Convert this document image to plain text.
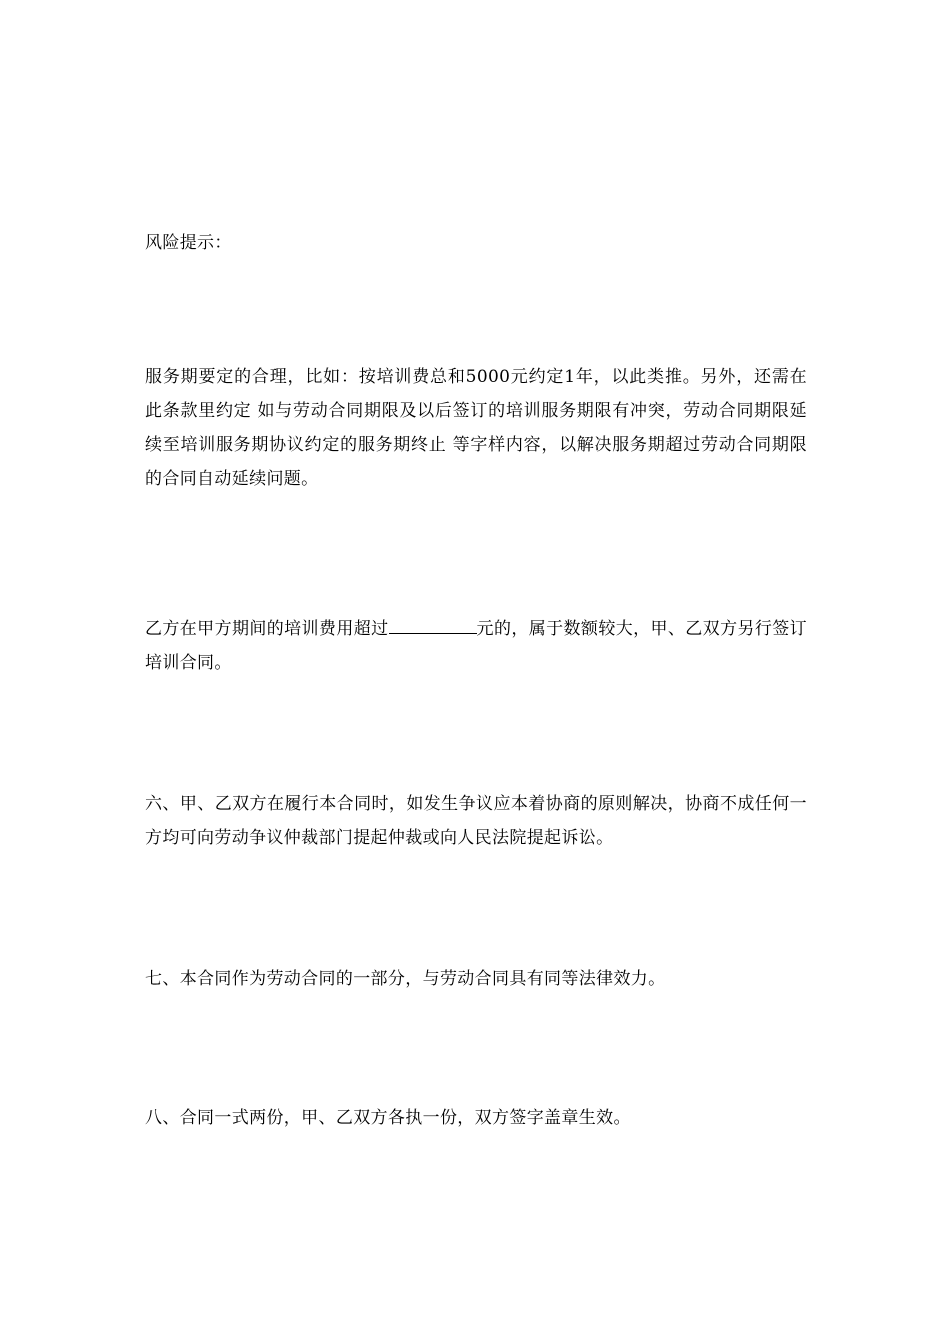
风险提示：

服务期要定的合理，比如：按培训费总和5000元约定1年，以此类推。另外，还需在此条款里约定 如与劳动合同期限及以后签订的培训服务期限有冲突，劳动合同期限延续至培训服务期协议约定的服务期终止 等字样内容，以解决服务期超过劳动合同期限的合同自动延续问题。

乙方在甲方期间的培训费用超过	元的，属于数额较大，甲、乙双方另行签订培训合同。

六、甲、乙双方在履行本合同时，如发生争议应本着协商的原则解决，协商不成任何一方均可向劳动争议仲裁部门提起仲裁或向人民法院提起诉讼。

七、本合同作为劳动合同的一部分，与劳动合同具有同等法律效力。

八、合同一式两份，甲、乙双方各执一份，双方签字盖章生效。
